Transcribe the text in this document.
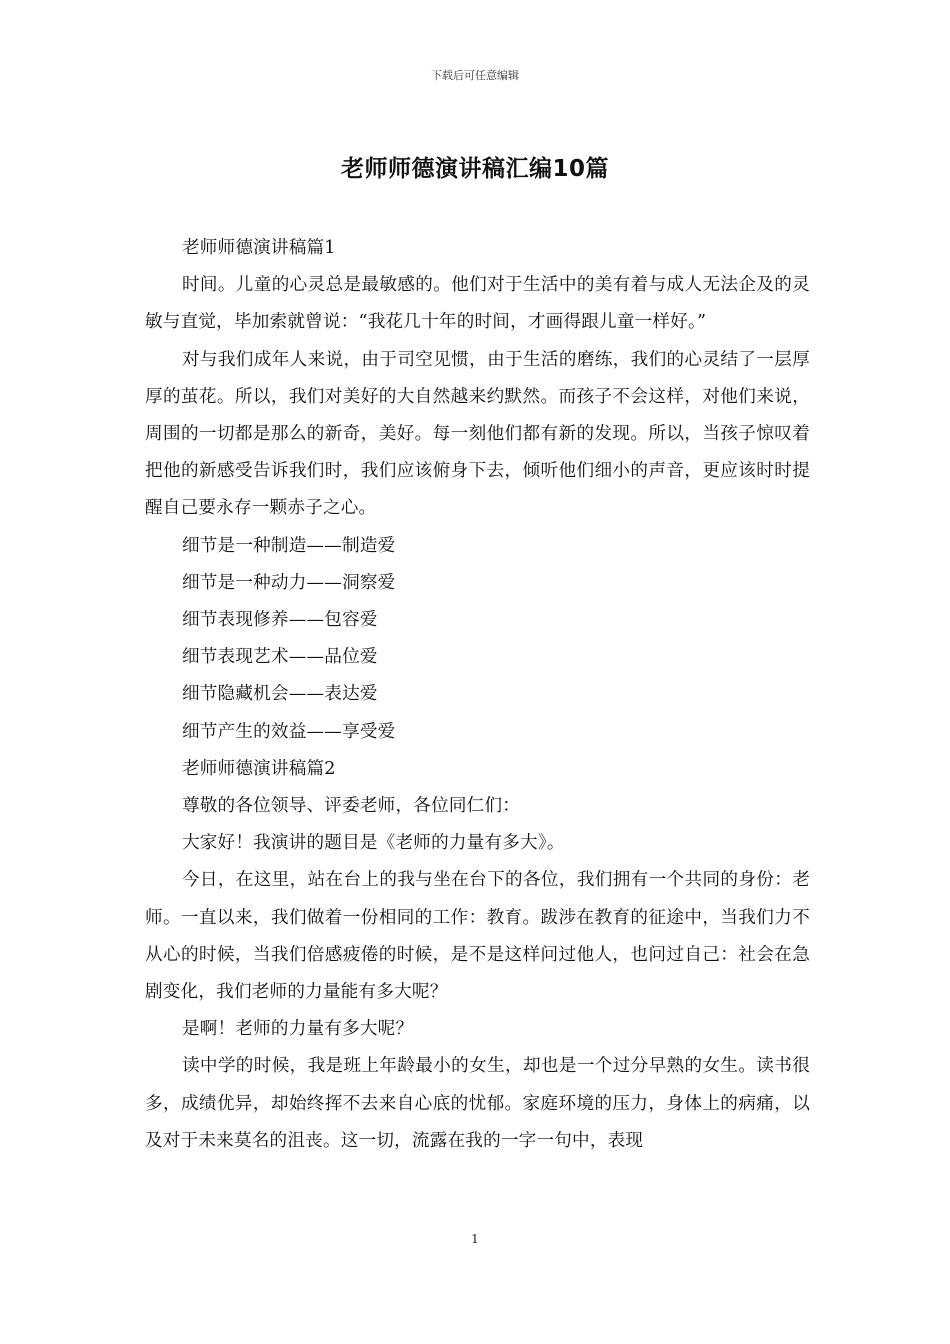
下载后可任意编辑
老师师德演讲稿汇编10篇

老师师德演讲稿篇1

时间。儿童的心灵总是最敏感的。他们对于生活中的美有着与成人无法企及的灵敏与直觉，毕加索就曾说：“我花几十年的时间，才画得跟儿童一样好。”

对与我们成年人来说，由于司空见惯，由于生活的磨练，我们的心灵结了一层厚厚的茧花。所以，我们对美好的大自然越来约默然。而孩子不会这样，对他们来说，周围的一切都是那么的新奇，美好。每一刻他们都有新的发现。所以，当孩子惊叹着把他的新感受告诉我们时，我们应该俯身下去，倾听他们细小的声音，更应该时时提醒自己要永存一颗赤子之心。

细节是一种制造——制造爱

细节是一种动力——洞察爱

细节表现修养——包容爱

细节表现艺术——品位爱

细节隐藏机会——表达爱

细节产生的效益——享受爱

老师师德演讲稿篇2

尊敬的各位领导、评委老师，各位同仁们：

大家好！我演讲的题目是《老师的力量有多大》。

今日，在这里，站在台上的我与坐在台下的各位，我们拥有一个共同的身份：老师。一直以来，我们做着一份相同的工作：教育。跋涉在教育的征途中，当我们力不从心的时候，当我们倍感疲倦的时候，是不是这样问过他人，也问过自己：社会在急剧变化，我们老师的力量能有多大呢？

是啊！老师的力量有多大呢？

读中学的时候，我是班上年龄最小的女生，却也是一个过分早熟的女生。读书很多，成绩优异，却始终挥不去来自心底的忧郁。家庭环境的压力，身体上的病痛，以及对于未来莫名的沮丧。这一切，流露在我的一字一句中，表现

1
